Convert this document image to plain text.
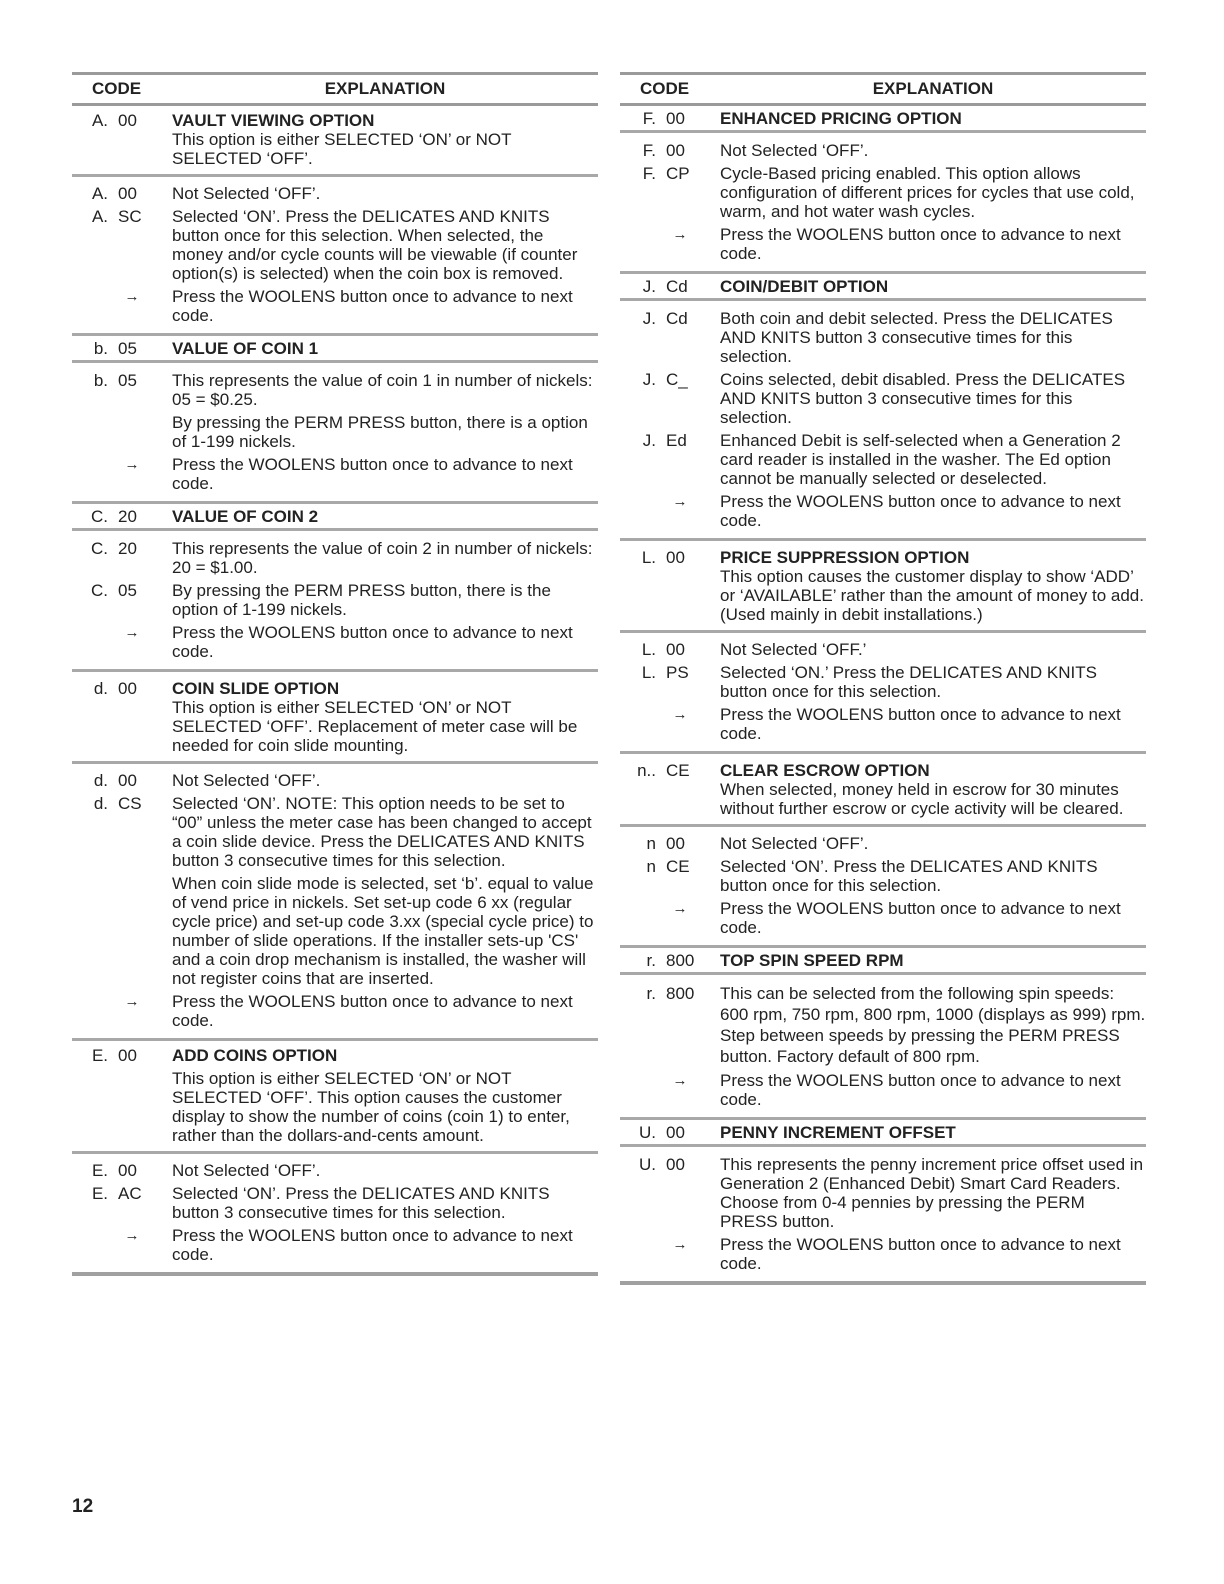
CODE	EXPLANATION
A. 00	VAULT VIEWING OPTION
This option is either SELECTED ‘ON’ or NOT SELECTED ‘OFF’.
A. 00	Not Selected ‘OFF’.
A. SC	Selected ‘ON’. Press the DELICATES AND KNITS button once for this selection. When selected, the money and/or cycle counts will be viewable (if counter option(s) is selected) when the coin box is removed.
→	Press the WOOLENS button once to advance to next code.
b. 05	VALUE OF COIN 1
b. 05	This represents the value of coin 1 in number of nickels: 05 = $0.25.
By pressing the PERM PRESS button, there is a option of 1-199 nickels.
→	Press the WOOLENS button once to advance to next code.
C. 20	VALUE OF COIN 2
C. 20	This represents the value of coin 2 in number of nickels: 20 = $1.00.
C. 05	By pressing the PERM PRESS button, there is the option of 1-199 nickels.
→	Press the WOOLENS button once to advance to next code.
d. 00	COIN SLIDE OPTION
This option is either SELECTED ‘ON’ or NOT SELECTED ‘OFF’. Replacement of meter case will be needed for coin slide mounting.
d. 00	Not Selected ‘OFF’.
d. CS	Selected ‘ON’. NOTE: This option needs to be set to “00” unless the meter case has been changed to accept a coin slide device. Press the DELICATES AND KNITS button 3 consecutive times for this selection.
When coin slide mode is selected, set ‘b’. equal to value of vend price in nickels. Set set-up code 6 xx (regular cycle price) and set-up code 3.xx (special cycle price) to number of slide operations. If the installer sets-up 'CS' and a coin drop mechanism is installed, the washer will not register coins that are inserted.
→	Press the WOOLENS button once to advance to next code.
E. 00	ADD COINS OPTION
This option is either SELECTED ‘ON’ or NOT SELECTED ‘OFF’. This option causes the customer display to show the number of coins (coin 1) to enter, rather than the dollars-and-cents amount.
E. 00	Not Selected ‘OFF’.
E. AC	Selected ‘ON’. Press the DELICATES AND KNITS button 3 consecutive times for this selection.
→	Press the WOOLENS button once to advance to next code.
CODE	EXPLANATION
F. 00	ENHANCED PRICING OPTION
F. 00	Not Selected ‘OFF’.
F. CP	Cycle-Based pricing enabled. This option allows configuration of different prices for cycles that use cold, warm, and hot water wash cycles.
→	Press the WOOLENS button once to advance to next code.
J. Cd	COIN/DEBIT OPTION
J. Cd	Both coin and debit selected. Press the DELICATES AND KNITS button 3 consecutive times for this selection.
J. C_	Coins selected, debit disabled. Press the DELICATES AND KNITS button 3 consecutive times for this selection.
J. Ed	Enhanced Debit is self-selected when a Generation 2 card reader is installed in the washer. The Ed option cannot be manually selected or deselected.
→	Press the WOOLENS button once to advance to next code.
L. 00	PRICE SUPPRESSION OPTION
This option causes the customer display to show ‘ADD’ or ‘AVAILABLE’ rather than the amount of money to add. (Used mainly in debit installations.)
L. 00	Not Selected ‘OFF.’
L. PS	Selected ‘ON.’ Press the DELICATES AND KNITS button once for this selection.
→	Press the WOOLENS button once to advance to next code.
n.. CE	CLEAR ESCROW OPTION
When selected, money held in escrow for 30 minutes without further escrow or cycle activity will be cleared.
n 00	Not Selected ‘OFF’.
n CE	Selected ‘ON’. Press the DELICATES AND KNITS button once for this selection.
→	Press the WOOLENS button once to advance to next code.
r. 800	TOP SPIN SPEED RPM
r. 800	This can be selected from the following spin speeds: 600 rpm, 750 rpm, 800 rpm, 1000 (displays as 999) rpm. Step between speeds by pressing the PERM PRESS button. Factory default of 800 rpm.
→	Press the WOOLENS button once to advance to next code.
U. 00	PENNY INCREMENT OFFSET
U. 00	This represents the penny increment price offset used in Generation 2 (Enhanced Debit) Smart Card Readers. Choose from 0-4 pennies by pressing the PERM PRESS button.
→	Press the WOOLENS button once to advance to next code.
12
